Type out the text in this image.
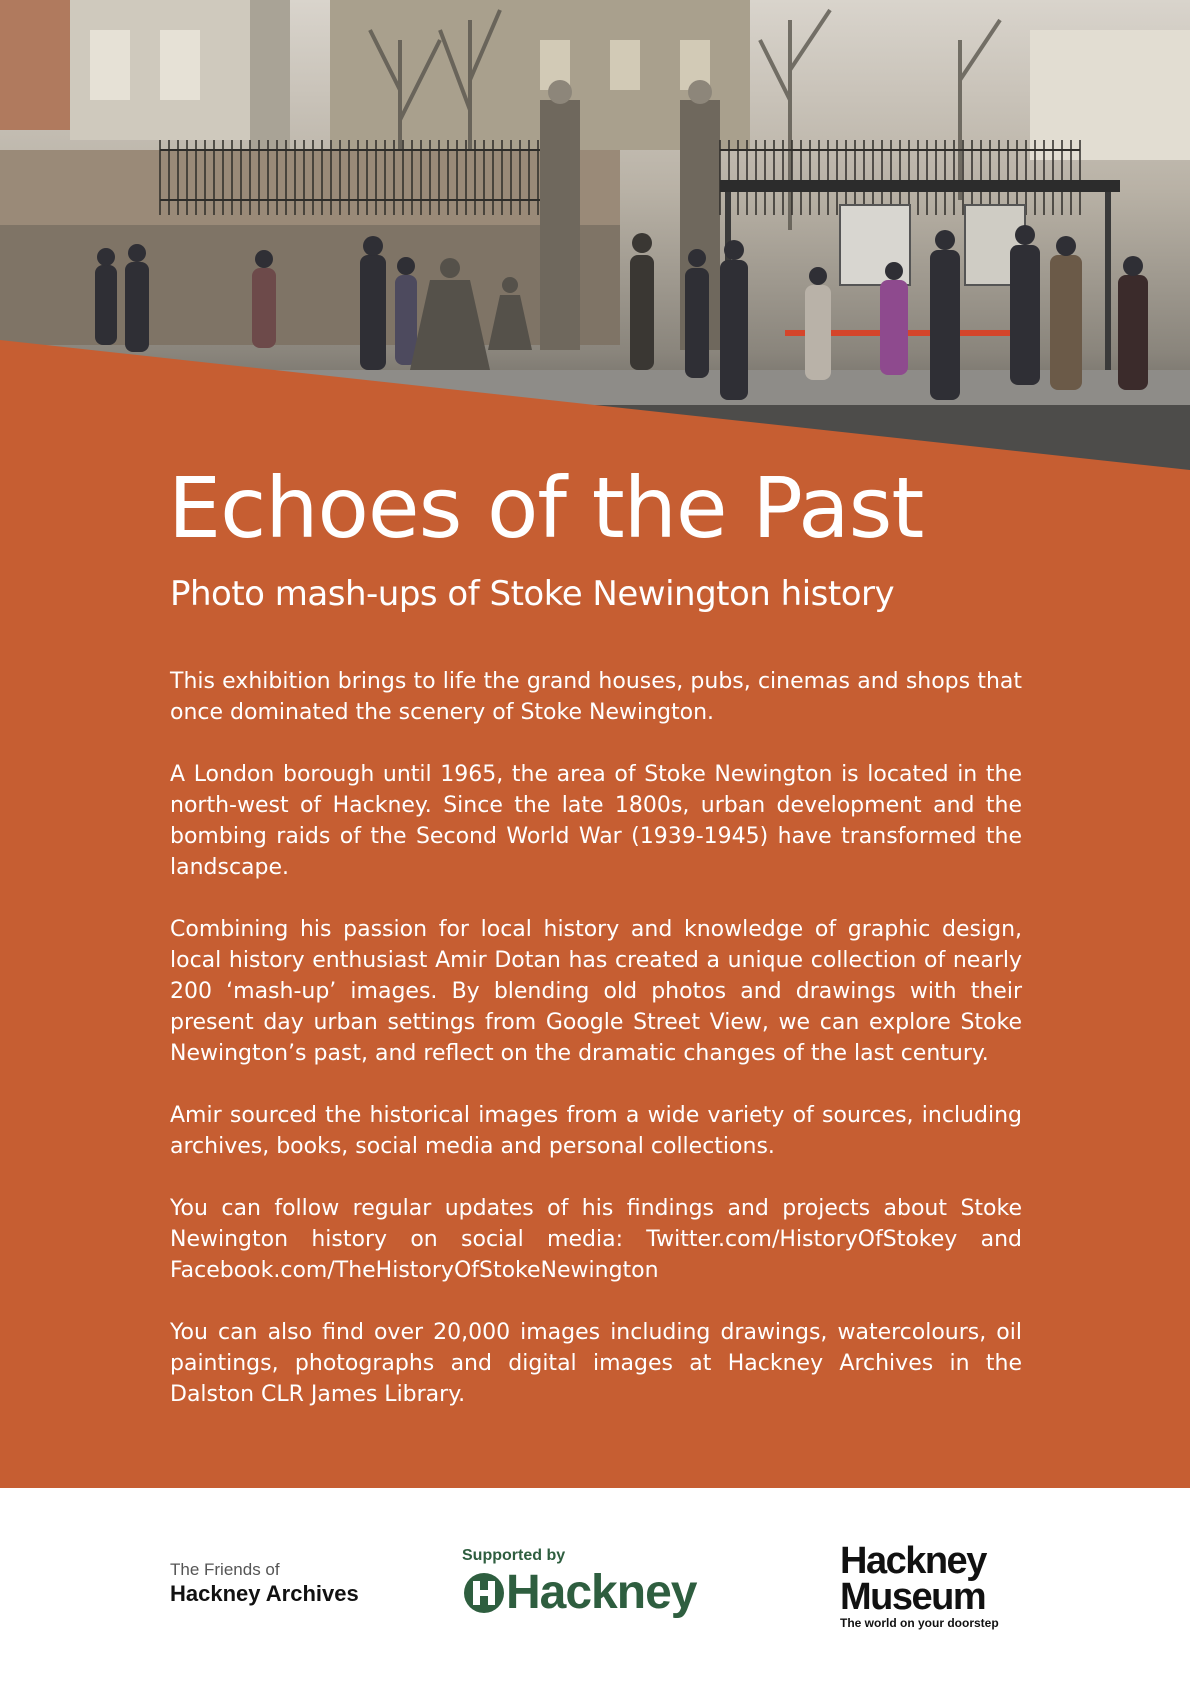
Echoes of the Past
Photo mash-ups of Stoke Newington history

This exhibition brings to life the grand houses, pubs, cinemas and shops that once dominated the scenery of Stoke Newington.

A London borough until 1965, the area of Stoke Newington is located in the north-west of Hackney. Since the late 1800s, urban development and the bombing raids of the Second World War (1939-1945) have transformed the landscape.

Combining his passion for local history and knowledge of graphic design, local history enthusiast Amir Dotan has created a unique collection of nearly 200 ‘mash-up’ images. By blending old photos and drawings with their present day urban settings from Google Street View, we can explore Stoke Newington’s past, and reflect on the dramatic changes of the last century.

Amir sourced the historical images from a wide variety of sources, including archives, books, social media and personal collections.

You can follow regular updates of his findings and projects about Stoke Newington history on social media: Twitter.com/HistoryOfStokey and Facebook.com/TheHistoryOfStokeNewington

You can also find over 20,000 images including drawings, watercolours, oil paintings, photographs and digital images at Hackney Archives in the Dalston CLR James Library.

The Friends of
Hackney Archives
Supported by
Hackney
Hackney
Museum
The world on your doorstep
